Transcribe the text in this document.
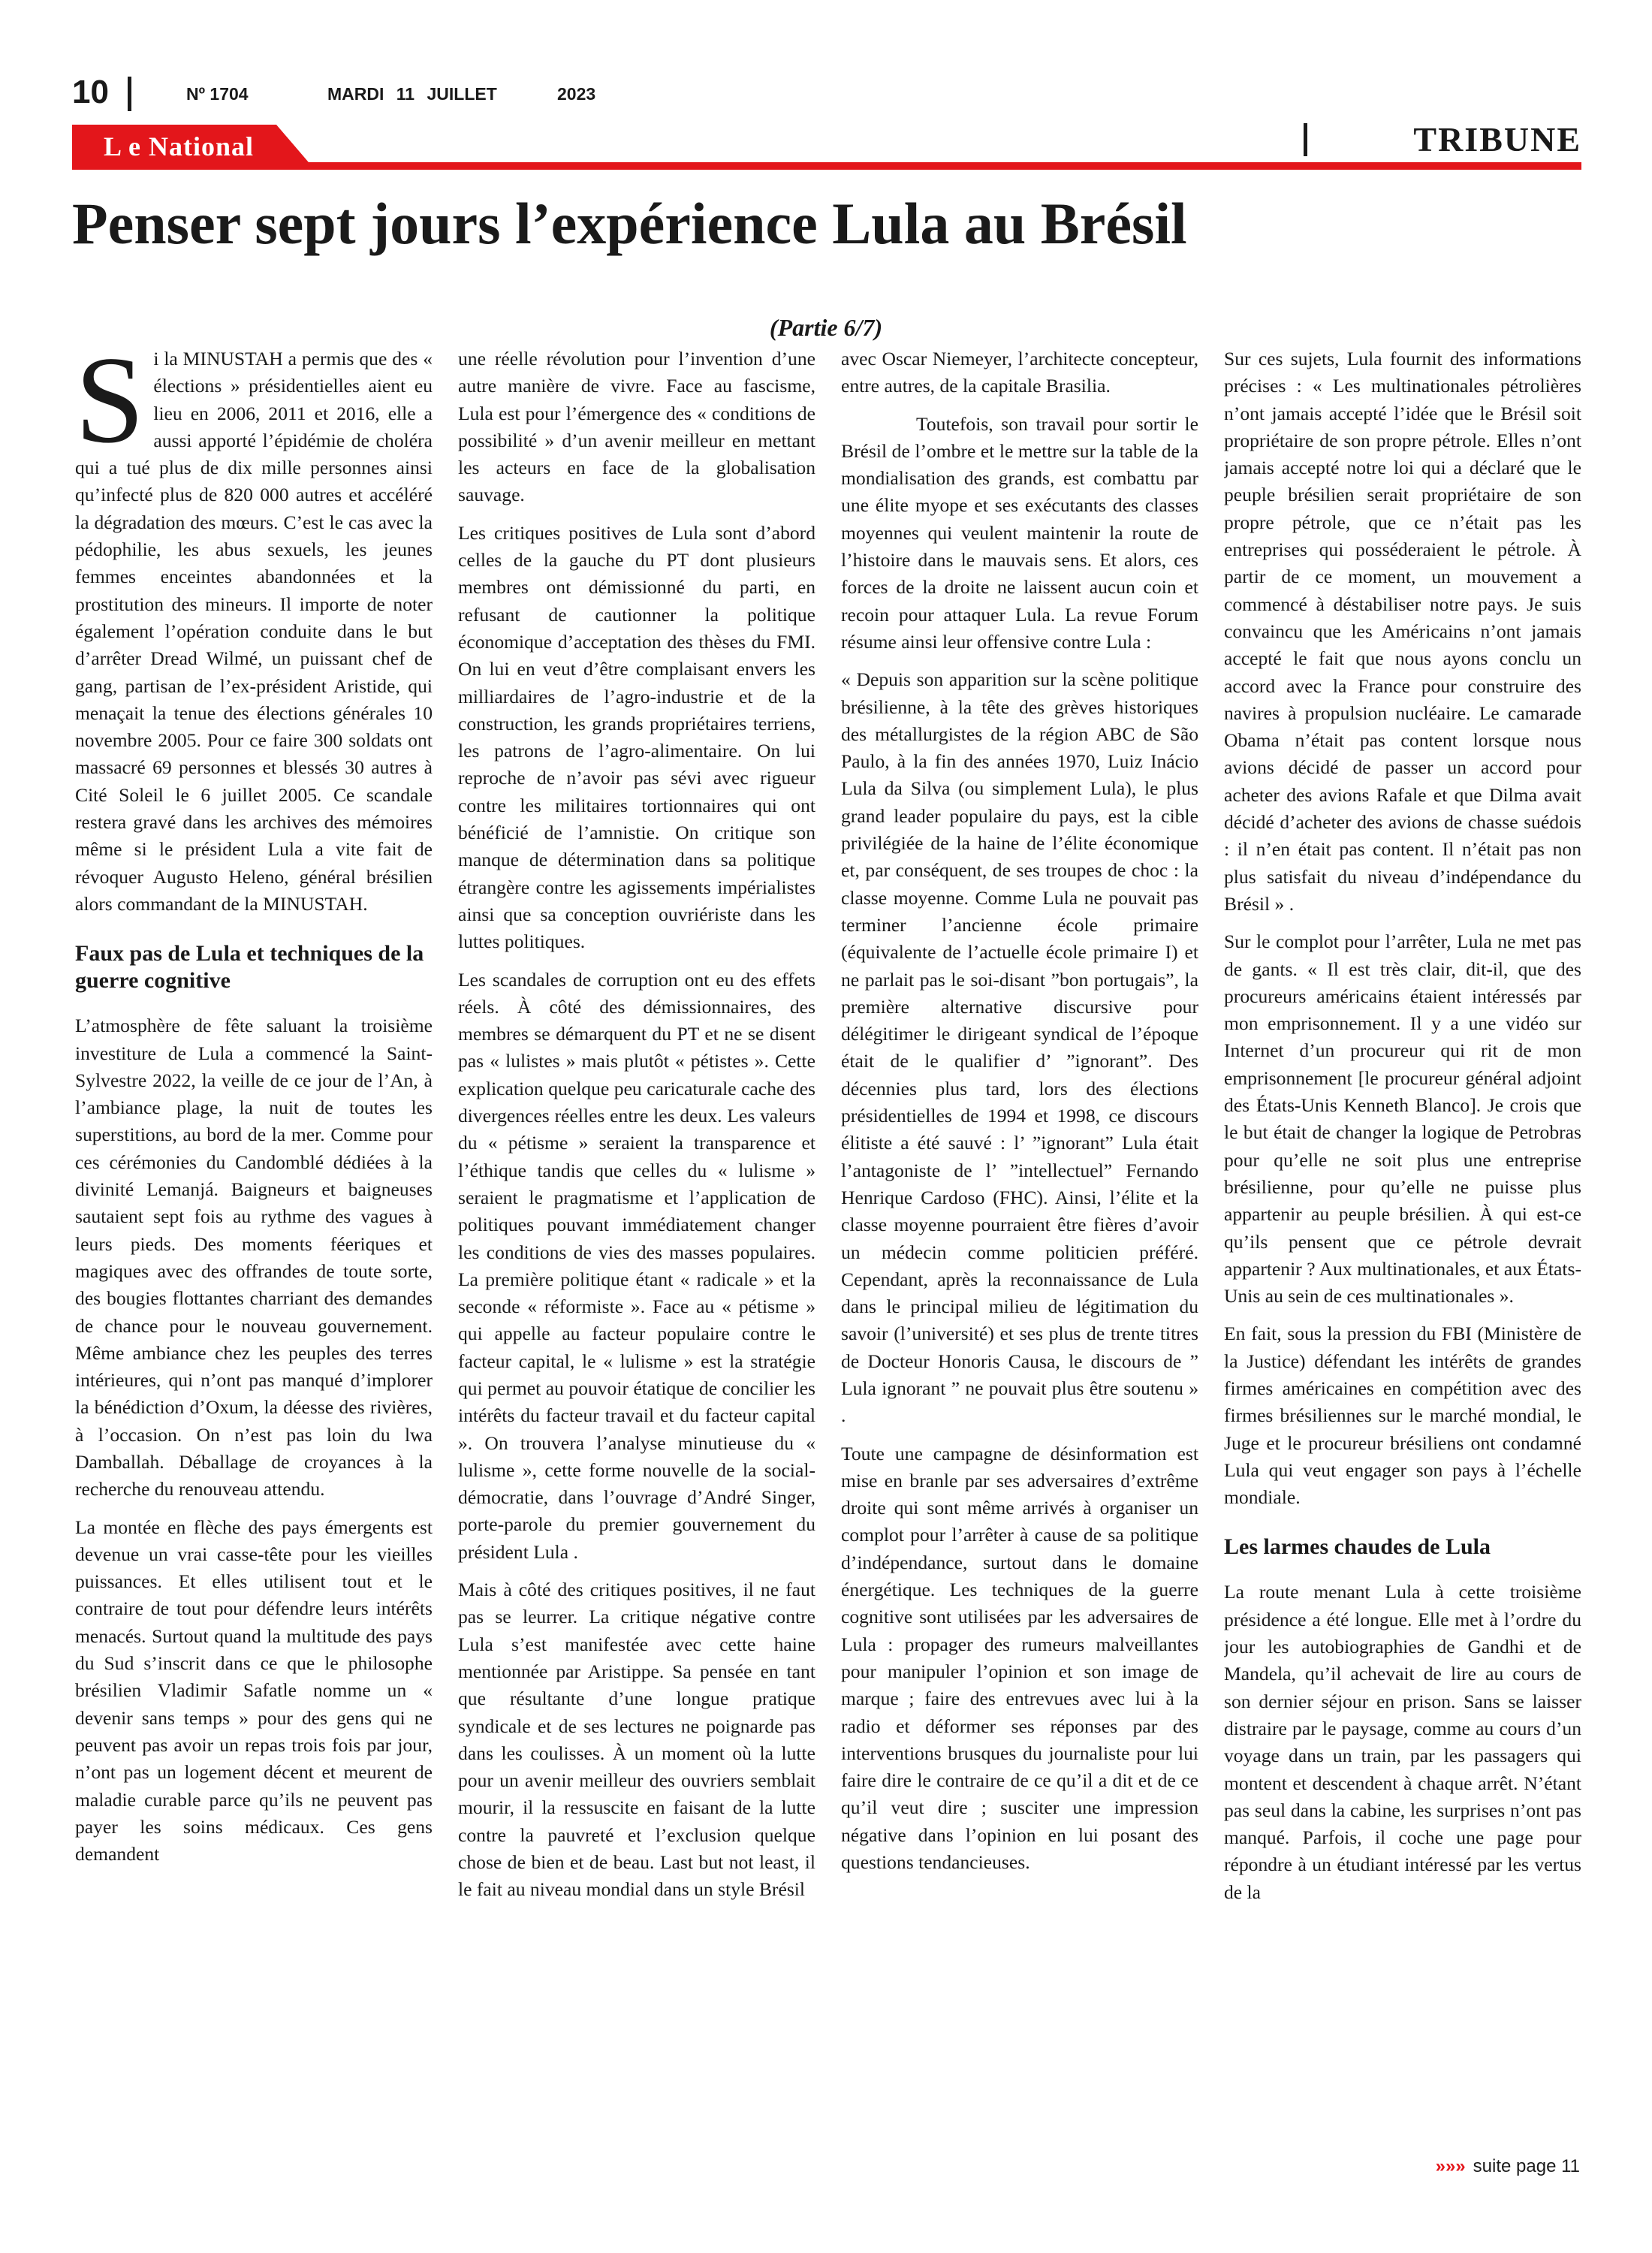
10	Nº 1704	MARDI 11 JUILLET	2023
L e National	TRIBUNE
Penser sept jours l’expérience Lula au Brésil
(Partie 6/7)

Si la MINUSTAH a permis que des « élections » présidentielles aient eu lieu en 2006, 2011 et 2016, elle a aussi apporté l’épidémie de choléra qui a tué plus de dix mille personnes ainsi qu’infecté plus de 820 000 autres et accéléré la dégradation des mœurs. C’est le cas avec la pédophilie, les abus sexuels, les jeunes femmes enceintes abandonnées et la prostitution des mineurs. Il importe de noter également l’opération conduite dans le but d’arrêter Dread Wilmé, un puissant chef de gang, partisan de l’ex-président Aristide, qui menaçait la tenue des élections générales 10 novembre 2005. Pour ce faire 300 soldats ont massacré 69 personnes et blessés 30 autres à Cité Soleil le 6 juillet 2005. Ce scandale restera gravé dans les archives des mémoires même si le président Lula a vite fait de révoquer Augusto Heleno, général brésilien alors commandant de la MINUSTAH.

Faux pas de Lula et techniques de la guerre cognitive

L’atmosphère de fête saluant la troisième investiture de Lula a commencé la Saint-Sylvestre 2022, la veille de ce jour de l’An, à l’ambiance plage, la nuit de toutes les superstitions, au bord de la mer. Comme pour ces cérémonies du Candomblé dédiées à la divinité Lemanjá. Baigneurs et baigneuses sautaient sept fois au rythme des vagues à leurs pieds. Des moments féeriques et magiques avec des offrandes de toute sorte, des bougies flottantes charriant des demandes de chance pour le nouveau gouvernement. Même ambiance chez les peuples des terres intérieures, qui n’ont pas manqué d’implorer la bénédiction d’Oxum, la déesse des rivières, à l’occasion. On n’est pas loin du lwa Damballah. Déballage de croyances à la recherche du renouveau attendu.

La montée en flèche des pays émergents est devenue un vrai casse-tête pour les vieilles puissances. Et elles utilisent tout et le contraire de tout pour défendre leurs intérêts menacés. Surtout quand la multitude des pays du Sud s’inscrit dans ce que le philosophe brésilien Vladimir Safatle nomme un « devenir sans temps » pour des gens qui ne peuvent pas avoir un repas trois fois par jour, n’ont pas un logement décent et meurent de maladie curable parce qu’ils ne peuvent pas payer les soins médicaux. Ces gens demandent

une réelle révolution pour l’invention d’une autre manière de vivre. Face au fascisme, Lula est pour l’émergence des « conditions de possibilité » d’un avenir meilleur en mettant les acteurs en face de la globalisation sauvage.

Les critiques positives de Lula sont d’abord celles de la gauche du PT dont plusieurs membres ont démissionné du parti, en refusant de cautionner la politique économique d’acceptation des thèses du FMI. On lui en veut d’être complaisant envers les milliardaires de l’agro-industrie et de la construction, les grands propriétaires terriens, les patrons de l’agro-alimentaire. On lui reproche de n’avoir pas sévi avec rigueur contre les militaires tortionnaires qui ont bénéficié de l’amnistie. On critique son manque de détermination dans sa politique étrangère contre les agissements impérialistes ainsi que sa conception ouvriériste dans les luttes politiques.

Les scandales de corruption ont eu des effets réels. À côté des démissionnaires, des membres se démarquent du PT et ne se disent pas « lulistes » mais plutôt « pétistes ». Cette explication quelque peu caricaturale cache des divergences réelles entre les deux. Les valeurs du « pétisme » seraient la transparence et l’éthique tandis que celles du « lulisme » seraient le pragmatisme et l’application de politiques pouvant immédiatement changer les conditions de vies des masses populaires. La première politique étant « radicale » et la seconde « réformiste ». Face au « pétisme » qui appelle au facteur populaire contre le facteur capital, le « lulisme » est la stratégie qui permet au pouvoir étatique de concilier les intérêts du facteur travail et du facteur capital ». On trouvera l’analyse minutieuse du « lulisme », cette forme nouvelle de la social-démocratie, dans l’ouvrage d’André Singer, porte-parole du premier gouvernement du président Lula .

Mais à côté des critiques positives, il ne faut pas se leurrer. La critique négative contre Lula s’est manifestée avec cette haine mentionnée par Aristippe. Sa pensée en tant que résultante d’une longue pratique syndicale et de ses lectures ne poignarde pas dans les coulisses. À un moment où la lutte pour un avenir meilleur des ouvriers semblait mourir, il la ressuscite en faisant de la lutte contre la pauvreté et l’exclusion quelque chose de bien et de beau. Last but not least, il le fait au niveau mondial dans un style Brésil

avec Oscar Niemeyer, l’architecte concepteur, entre autres, de la capitale Brasilia.

Toutefois, son travail pour sortir le Brésil de l’ombre et le mettre sur la table de la mondialisation des grands, est combattu par une élite myope et ses exécutants des classes moyennes qui veulent maintenir la route de l’histoire dans le mauvais sens. Et alors, ces forces de la droite ne laissent aucun coin et recoin pour attaquer Lula. La revue Forum résume ainsi leur offensive contre Lula :

« Depuis son apparition sur la scène politique brésilienne, à la tête des grèves historiques des métallurgistes de la région ABC de São Paulo, à la fin des années 1970, Luiz Inácio Lula da Silva (ou simplement Lula), le plus grand leader populaire du pays, est la cible privilégiée de la haine de l’élite économique et, par conséquent, de ses troupes de choc : la classe moyenne. Comme Lula ne pouvait pas terminer l’ancienne école primaire (équivalente de l’actuelle école primaire I) et ne parlait pas le soi-disant ”bon portugais”, la première alternative discursive pour délégitimer le dirigeant syndical de l’époque était de le qualifier d’ ”ignorant”. Des décennies plus tard, lors des élections présidentielles de 1994 et 1998, ce discours élitiste a été sauvé : l’ ”ignorant” Lula était l’antagoniste de l’ ”intellectuel” Fernando Henrique Cardoso (FHC). Ainsi, l’élite et la classe moyenne pourraient être fières d’avoir un médecin comme politicien préféré. Cependant, après la reconnaissance de Lula dans le principal milieu de légitimation du savoir (l’université) et ses plus de trente titres de Docteur Honoris Causa, le discours de ” Lula ignorant ” ne pouvait plus être soutenu » .

Toute une campagne de désinformation est mise en branle par ses adversaires d’extrême droite qui sont même arrivés à organiser un complot pour l’arrêter à cause de sa politique d’indépendance, surtout dans le domaine énergétique. Les techniques de la guerre cognitive sont utilisées par les adversaires de Lula : propager des rumeurs malveillantes pour manipuler l’opinion et son image de marque ; faire des entrevues avec lui à la radio et déformer ses réponses par des interventions brusques du journaliste pour lui faire dire le contraire de ce qu’il a dit et de ce qu’il veut dire ; susciter une impression négative dans l’opinion en lui posant des questions tendancieuses.

Sur ces sujets, Lula fournit des informations précises : « Les multinationales pétrolières n’ont jamais accepté l’idée que le Brésil soit propriétaire de son propre pétrole. Elles n’ont jamais accepté notre loi qui a déclaré que le peuple brésilien serait propriétaire de son propre pétrole, que ce n’était pas les entreprises qui posséderaient le pétrole. À partir de ce moment, un mouvement a commencé à déstabiliser notre pays. Je suis convaincu que les Américains n’ont jamais accepté le fait que nous ayons conclu un accord avec la France pour construire des navires à propulsion nucléaire. Le camarade Obama n’était pas content lorsque nous avions décidé de passer un accord pour acheter des avions Rafale et que Dilma avait décidé d’acheter des avions de chasse suédois : il n’en était pas content. Il n’était pas non plus satisfait du niveau d’indépendance du Brésil » .

Sur le complot pour l’arrêter, Lula ne met pas de gants. « Il est très clair, dit-il, que des procureurs américains étaient intéressés par mon emprisonnement. Il y a une vidéo sur Internet d’un procureur qui rit de mon emprisonnement [le procureur général adjoint des États-Unis Kenneth Blanco]. Je crois que le but était de changer la logique de Petrobras pour qu’elle ne soit plus une entreprise brésilienne, pour qu’elle ne puisse plus appartenir au peuple brésilien. À qui est-ce qu’ils pensent que ce pétrole devrait appartenir ? Aux multinationales, et aux États-Unis au sein de ces multinationales ».

En fait, sous la pression du FBI (Ministère de la Justice) défendant les intérêts de grandes firmes américaines en compétition avec des firmes brésiliennes sur le marché mondial, le Juge et le procureur brésiliens ont condamné Lula qui veut engager son pays à l’échelle mondiale.

Les larmes chaudes de Lula

La route menant Lula à cette troisième présidence a été longue. Elle met à l’ordre du jour les autobiographies de Gandhi et de Mandela, qu’il achevait de lire au cours de son dernier séjour en prison. Sans se laisser distraire par le paysage, comme au cours d’un voyage dans un train, par les passagers qui montent et descendent à chaque arrêt. N’étant pas seul dans la cabine, les surprises n’ont pas manqué. Parfois, il coche une page pour répondre à un étudiant intéressé par les vertus de la

»»» suite page 11
